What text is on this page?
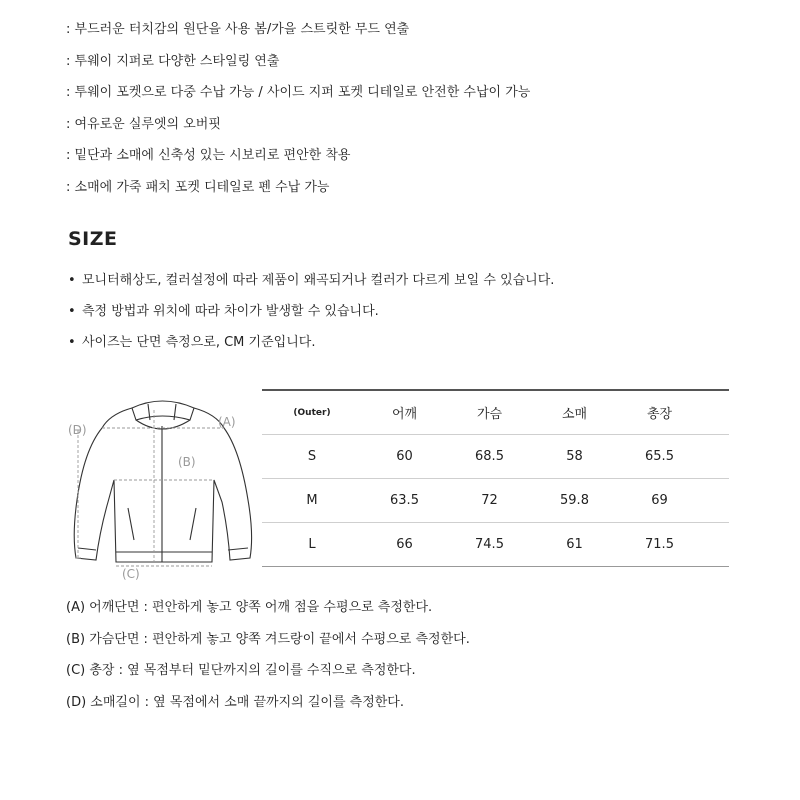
: 부드러운 터치감의 원단을 사용 봄/가을 스트릿한 무드 연출
: 투웨이 지퍼로 다양한 스타일링 연출
: 투웨이 포켓으로 다중 수납 가능 / 사이드 지퍼 포켓 디테일로 안전한 수납이 가능
: 여유로운 실루엣의 오버핏
: 밑단과 소매에 신축성 있는 시보리로 편안한 착용
: 소매에 가죽 패치 포켓 디테일로 펜 수납 가능
SIZE
• 모니터해상도, 컬러설정에 따라 제품이 왜곡되거나 컬러가 다르게 보일 수 있습니다.
• 측정 방법과 위치에 따라 차이가 발생할 수 있습니다.
• 사이즈는 단면 측정으로, CM 기준입니다.
(D)
(A)
(B)
(C)
(Outer)	어깨	가슴	소매	총장
S	60	68.5	58	65.5
M	63.5	72	59.8	69
L	66	74.5	61	71.5
(A) 어깨단면 : 편안하게 놓고 양쪽 어깨 점을 수평으로 측정한다.
(B) 가슴단면 : 편안하게 놓고 양쪽 겨드랑이 끝에서 수평으로 측정한다.
(C) 총장 : 옆 목점부터 밑단까지의 길이를 수직으로 측정한다.
(D) 소매길이 : 옆 목점에서 소매 끝까지의 길이를 측정한다.
